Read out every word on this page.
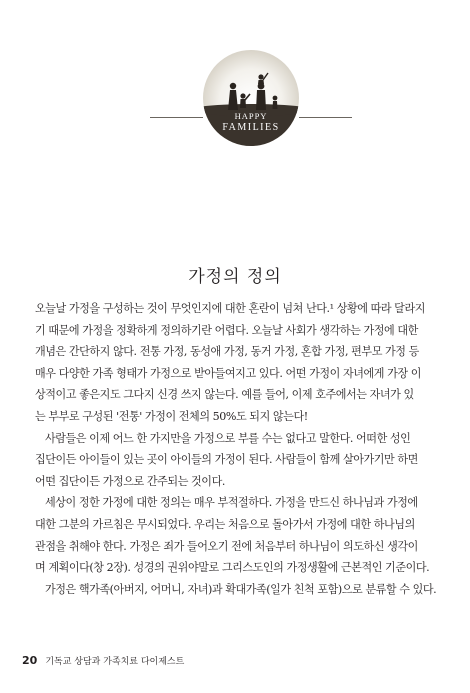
HAPPY
FAMILIES
가정의 정의
오늘날 가정을 구성하는 것이 무엇인지에 대한 혼란이 넘쳐 난다.¹ 상황에 따라 달라지
기 때문에 가정을 정확하게 정의하기란 어렵다. 오늘날 사회가 생각하는 가정에 대한
개념은 간단하지 않다. 전통 가정, 동성애 가정, 동거 가정, 혼합 가정, 편부모 가정 등
매우 다양한 가족 형태가 가정으로 받아들여지고 있다. 어떤 가정이 자녀에게 가장 이
상적이고 좋은지도 그다지 신경 쓰지 않는다. 예를 들어, 이제 호주에서는 자녀가 있
는 부부로 구성된 '전통' 가정이 전체의 50%도 되지 않는다!
사람들은 이제 어느 한 가지만을 가정으로 부를 수는 없다고 말한다. 어떠한 성인
집단이든 아이들이 있는 곳이 아이들의 가정이 된다. 사람들이 함께 살아가기만 하면
어떤 집단이든 가정으로 간주되는 것이다.
세상이 정한 가정에 대한 정의는 매우 부적절하다. 가정을 만드신 하나님과 가정에
대한 그분의 가르침은 무시되었다. 우리는 처음으로 돌아가서 가정에 대한 하나님의
관점을 취해야 한다. 가정은 죄가 들어오기 전에 처음부터 하나님이 의도하신 생각이
며 계획이다(창 2장). 성경의 권위야말로 그리스도인의 가정생활에 근본적인 기준이다.
가정은 핵가족(아버지, 어머니, 자녀)과 확대가족(일가 친척 포함)으로 분류할 수 있다.
20 기독교 상담과 가족치료 다이제스트
